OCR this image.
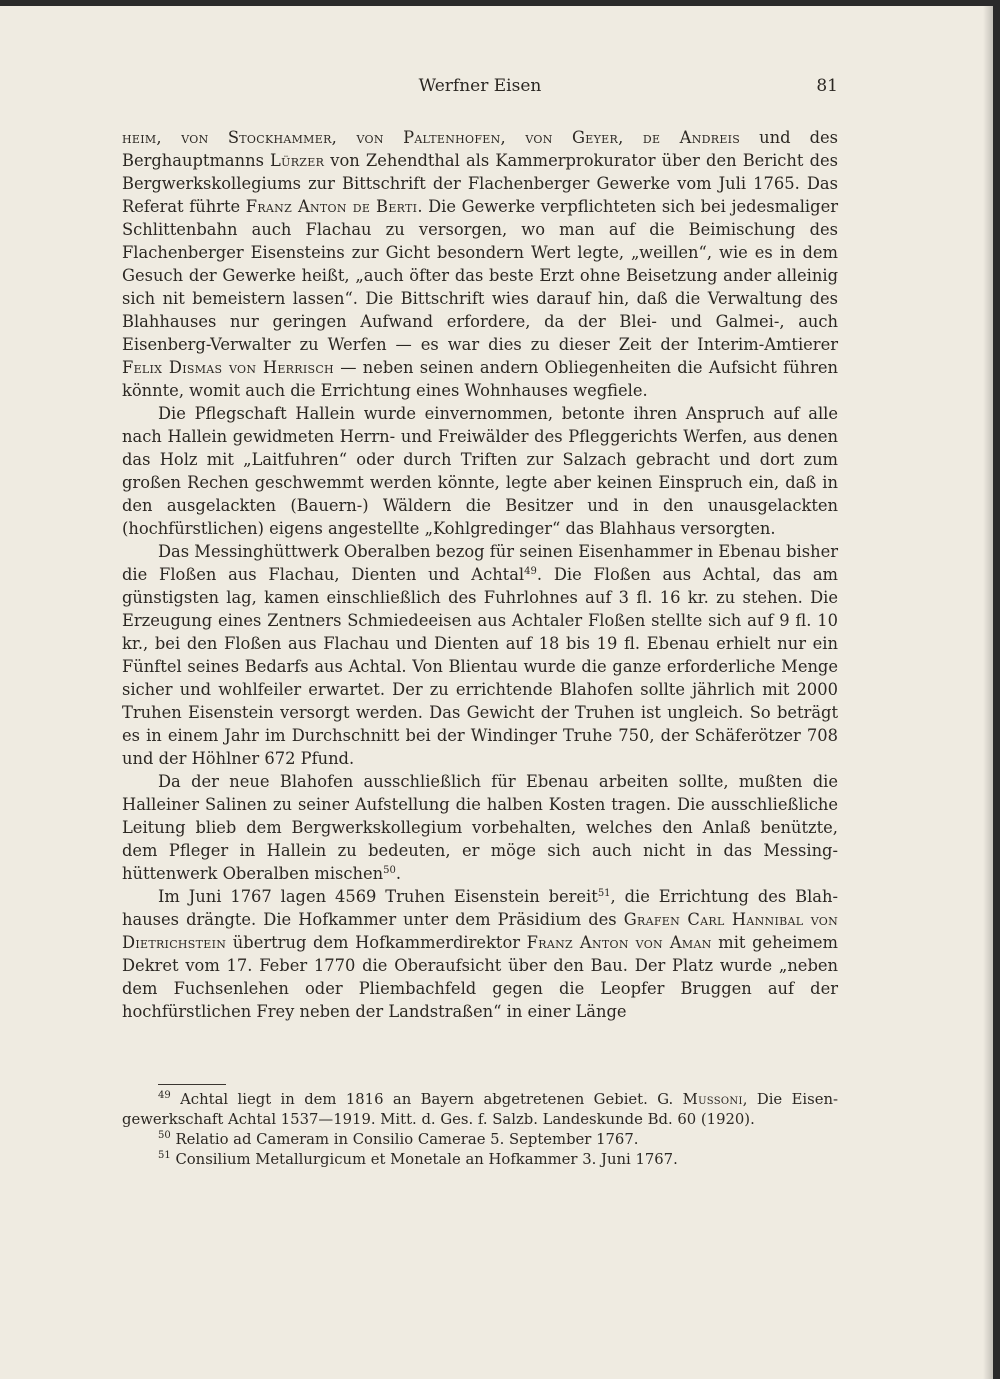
Werfner Eisen	81

heim, von Stockhammer, von Paltenhofen, von Geyer, de Andreis und des Berghauptmanns Lürzer von Zehendthal als Kammerprokurator über den Bericht des Bergwerkskollegiums zur Bittschrift der Flachenberger Gewerke vom Juli 1765. Das Referat führte Franz Anton de Berti. Die Gewerke verpflichteten sich bei jedesmaliger Schlittenbahn auch Flachau zu versorgen, wo man auf die Beimischung des Flachenberger Eisensteins zur Gicht besondern Wert legte, „weillen“, wie es in dem Gesuch der Gewerke heißt, „auch öfter das beste Erzt ohne Beisetzung ander alleinig sich nit bemeistern lassen“. Die Bittschrift wies darauf hin, daß die Verwaltung des Blahhauses nur geringen Aufwand erfordere, da der Blei- und Galmei-, auch Eisenberg-Verwalter zu Werfen — es war dies zu dieser Zeit der Interim-Amtierer Felix Dismas von Herrisch — neben seinen andern Obliegenheiten die Aufsicht führen könnte, womit auch die Errichtung eines Wohnhauses wegfiele.

Die Pflegschaft Hallein wurde einvernommen, betonte ihren Anspruch auf alle nach Hallein gewidmeten Herrn- und Freiwälder des Pfleggerichts Werfen, aus denen das Holz mit „Laitfuhren“ oder durch Triften zur Salzach gebracht und dort zum großen Rechen geschwemmt werden könnte, legte aber keinen Einspruch ein, daß in den ausgelackten (Bauern-) Wäldern die Besitzer und in den unausgelackten (hochfürstlichen) eigens angestellte „Kohlgredinger“ das Blahhaus versorgten.

Das Messinghüttwerk Oberalben bezog für seinen Eisenhammer in Ebenau bisher die Floßen aus Flachau, Dienten und Achtal$^{49}$. Die Floßen aus Achtal, das am günstigsten lag, kamen einschließlich des Fuhrlohnes auf 3 fl. 16 kr. zu stehen. Die Erzeugung eines Zentners Schmiedeeisen aus Achtaler Floßen stellte sich auf 9 fl. 10 kr., bei den Floßen aus Flachau und Dienten auf 18 bis 19 fl. Ebenau erhielt nur ein Fünftel seines Bedarfs aus Achtal. Von Blientau wurde die ganze erforderliche Menge sicher und wohlfeiler erwartet. Der zu errichtende Blahofen sollte jährlich mit 2000 Truhen Eisenstein versorgt werden. Das Gewicht der Truhen ist ungleich. So beträgt es in einem Jahr im Durchschnitt bei der Windinger Truhe 750, der Schäferötzer 708 und der Höhlner 672 Pfund.

Da der neue Blahofen ausschließlich für Ebenau arbeiten sollte, mußten die Halleiner Salinen zu seiner Aufstellung die halben Kosten tragen. Die ausschließliche Leitung blieb dem Bergwerkskollegium vorbehalten, welches den Anlaß benützte, dem Pfleger in Hallein zu bedeuten, er möge sich auch nicht in das Messinghüttenwerk Oberalben mischen$^{50}$.

Im Juni 1767 lagen 4569 Truhen Eisenstein bereit$^{51}$, die Errichtung des Blahhauses drängte. Die Hofkammer unter dem Präsidium des Grafen Carl Hannibal von Dietrichstein übertrug dem Hofkammerdirektor Franz Anton von Aman mit geheimem Dekret vom 17. Feber 1770 die Oberaufsicht über den Bau. Der Platz wurde „neben dem Fuchsenlehen oder Pliembachfeld gegen die Leopfer Bruggen auf der hochfürstlichen Frey neben der Landstraßen“ in einer Länge

$^{49}$ Achtal liegt in dem 1816 an Bayern abgetretenen Gebiet. G. Mussoni, Die Eisengewerkschaft Achtal 1537—1919. Mitt. d. Ges. f. Salzb. Landeskunde Bd. 60 (1920).

$^{50}$ Relatio ad Cameram in Consilio Camerae 5. September 1767.

$^{51}$ Consilium Metallurgicum et Monetale an Hofkammer 3. Juni 1767.
